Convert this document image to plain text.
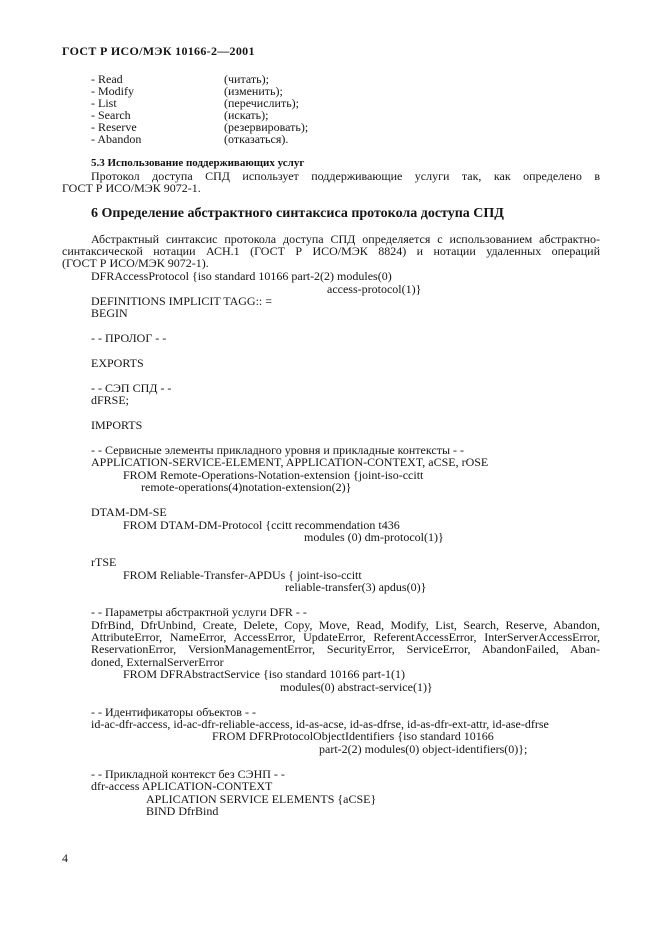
ГОСТ Р ИСО/МЭК 10166-2—2001
- Read	(читать);
- Modify	(изменить);
- List	(перечислить);
- Search	(искать);
- Reserve	(резервировать);
- Abandon	(отказаться).
5.3 Использование поддерживающих услуг
Протокол доступа СПД использует поддерживающие услуги так, как определено в
ГОСТ Р ИСО/МЭК 9072-1.
6 Определение абстрактного синтаксиса протокола доступа СПД
Абстрактный синтаксис протокола доступа СПД определяется с использованием абстрактно-
синтаксической нотации АСН.1 (ГОСТ Р ИСО/МЭК 8824) и нотации удаленных операций
(ГОСТ Р ИСО/МЭК 9072-1).
DFRAccessProtocol {iso standard 10166 part-2(2) modules(0)
access-protocol(1)}
DEFINITIONS IMPLICIT TAGG:: =
BEGIN
- - ПРОЛОГ - -
EXPORTS
- - СЭП СПД - -
dFRSE;
IMPORTS
- - Сервисные элементы прикладного уровня и прикладные контексты - -
APPLICATION-SERVICE-ELEMENT, APPLICATION-CONTEXT, aCSE, rOSE
FROM Remote-Operations-Notation-extension {joint-iso-ccitt
remote-operations(4)notation-extension(2)}
DTAM-DM-SE
FROM DTAM-DM-Protocol {ccitt recommendation t436
modules (0) dm-protocol(1)}
rTSE
FROM Reliable-Transfer-APDUs { joint-iso-ccitt
reliable-transfer(3) apdus(0)}
- - Параметры абстрактной услуги DFR - -
DfrBind, DfrUnbind, Create, Delete, Copy, Move, Read, Modify, List, Search, Reserve, Abandon,
AttributeError, NameError, AccessError, UpdateError, ReferentAccessError, InterServerAccessError,
ReservationError, VersionManagementError, SecurityError, ServiceError, AbandonFailed, Aban-
doned, ExternalServerError
FROM DFRAbstractService {iso standard 10166 part-1(1)
modules(0) abstract-service(1)}
- - Идентификаторы объектов - -
id-ac-dfr-access, id-ac-dfr-reliable-access, id-as-acse, id-as-dfrse, id-as-dfr-ext-attr, id-ase-dfrse
FROM DFRProtocolObjectIdentifiers {iso standard 10166
part-2(2) modules(0) object-identifiers(0)};
- - Прикладной контекст без СЭНП - -
dfr-access APLICATION-CONTEXT
APLICATION SERVICE ELEMENTS {aCSE}
BIND DfrBind
4
